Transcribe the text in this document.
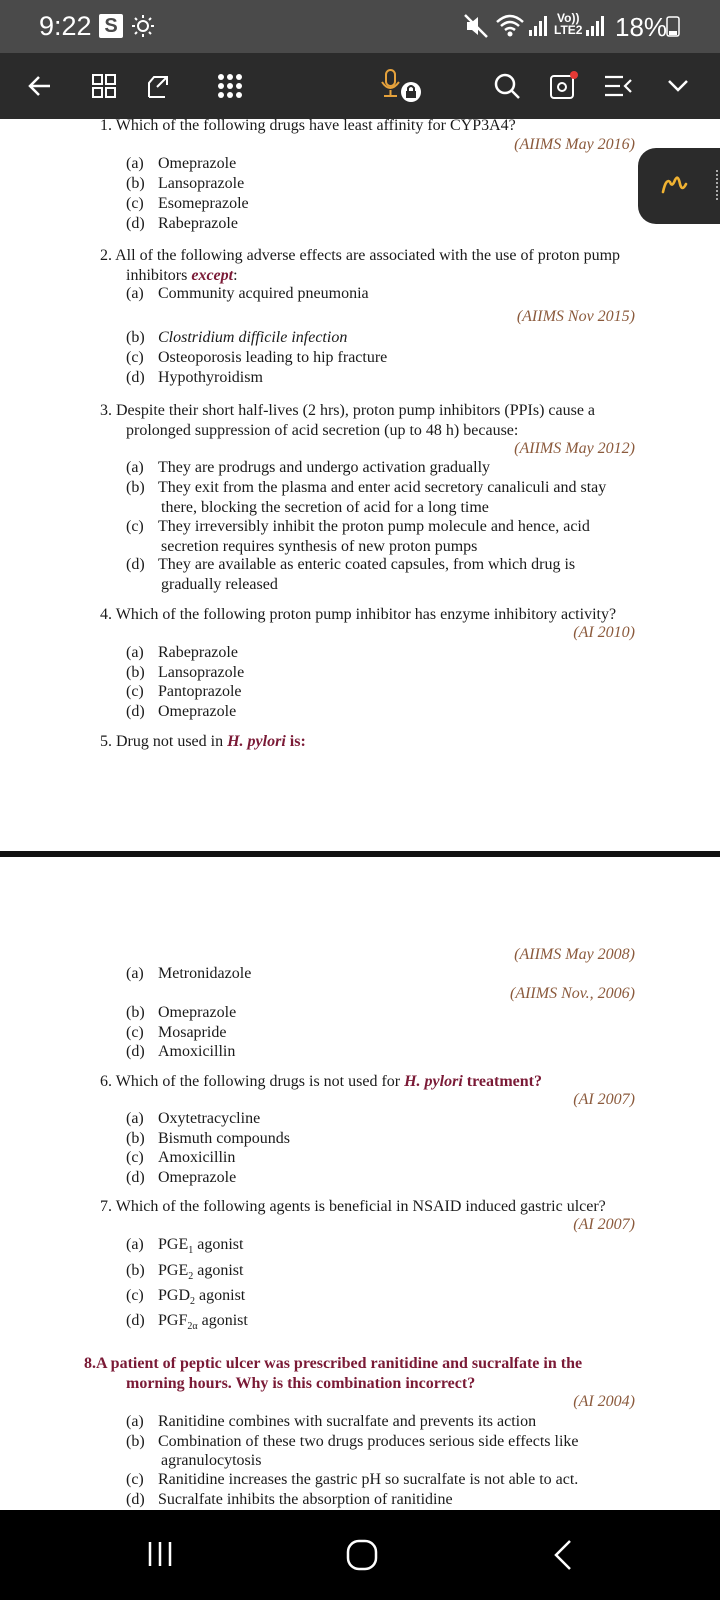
9:22 S	Vo))
LTE2 18%
1. Which of the following drugs have least affinity for CYP3A4?
(AIIMS May 2016)
(a) Omeprazole
(b) Lansoprazole
(c) Esomeprazole
(d) Rabeprazole
2. All of the following adverse effects are associated with the use of proton pump
inhibitors except:
(a) Community acquired pneumonia
(AIIMS Nov 2015)
(b) Clostridium difficile infection
(c) Osteoporosis leading to hip fracture
(d) Hypothyroidism
3. Despite their short half-lives (2 hrs), proton pump inhibitors (PPIs) cause a
prolonged suppression of acid secretion (up to 48 h) because:
(AIIMS May 2012)
(a) They are prodrugs and undergo activation gradually
(b) They exit from the plasma and enter acid secretory canaliculi and stay
there, blocking the secretion of acid for a long time
(c) They irreversibly inhibit the proton pump molecule and hence, acid
secretion requires synthesis of new proton pumps
(d) They are available as enteric coated capsules, from which drug is
gradually released
4. Which of the following proton pump inhibitor has enzyme inhibitory activity?
(AI 2010)
(a) Rabeprazole
(b) Lansoprazole
(c) Pantoprazole
(d) Omeprazole
5. Drug not used in H. pylori is:
(AIIMS May 2008)
(a) Metronidazole
(AIIMS Nov., 2006)
(b) Omeprazole
(c) Mosapride
(d) Amoxicillin
6. Which of the following drugs is not used for H. pylori treatment?
(AI 2007)
(a) Oxytetracycline
(b) Bismuth compounds
(c) Amoxicillin
(d) Omeprazole
7. Which of the following agents is beneficial in NSAID induced gastric ulcer?
(AI 2007)
(a) $PGE_1$ agonist
(b) $PGE_2$ agonist
(c) $PGD_2$ agonist
(d) $PGF_{2\alpha}$ agonist
8.A patient of peptic ulcer was prescribed ranitidine and sucralfate in the
morning hours. Why is this combination incorrect?
(AI 2004)
(a) Ranitidine combines with sucralfate and prevents its action
(b) Combination of these two drugs produces serious side effects like
agranulocytosis
(c) Ranitidine increases the gastric pH so sucralfate is not able to act.
(d) Sucralfate inhibits the absorption of ranitidine
